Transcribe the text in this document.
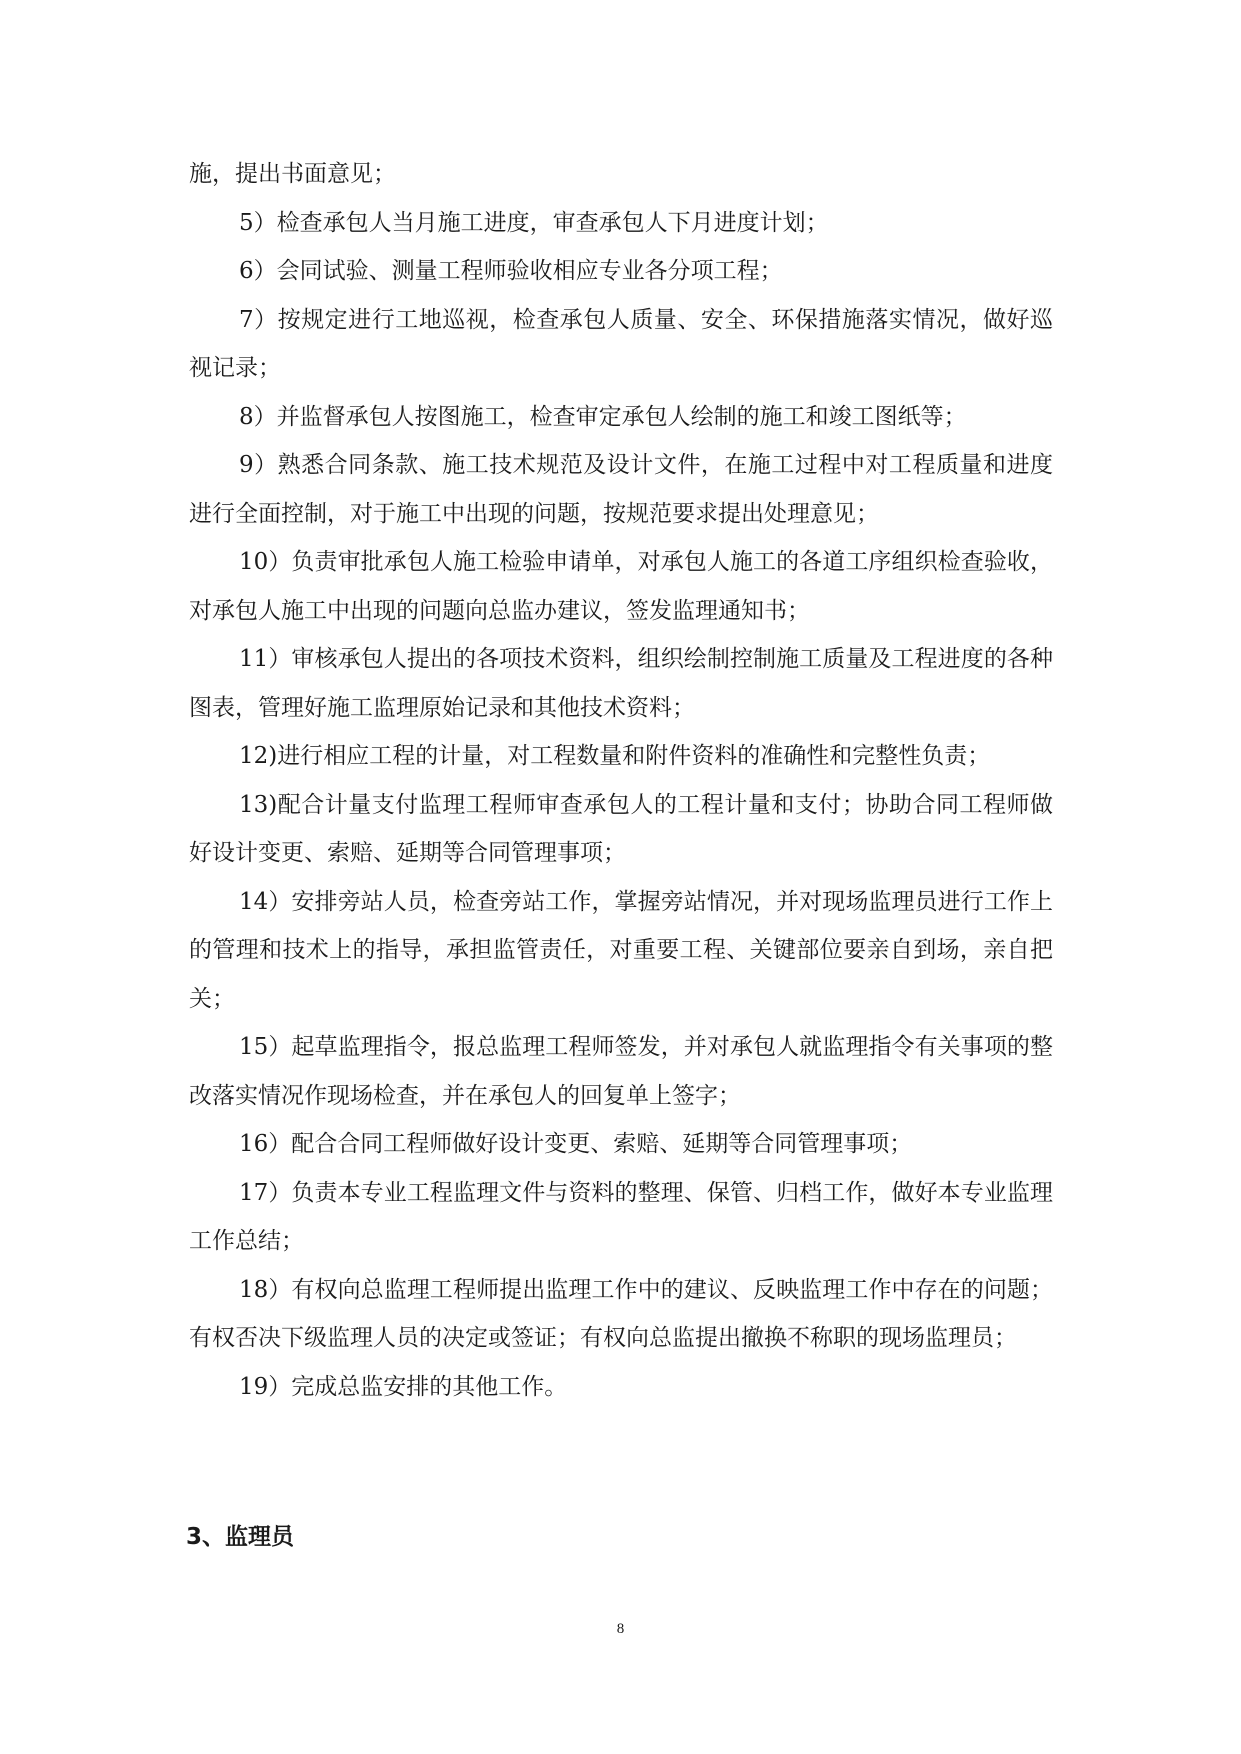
施，提出书面意见；

5）检查承包人当月施工进度，审查承包人下月进度计划；

6）会同试验、测量工程师验收相应专业各分项工程；

7）按规定进行工地巡视，检查承包人质量、安全、环保措施落实情况，做好巡视记录；

8）并监督承包人按图施工，检查审定承包人绘制的施工和竣工图纸等；

9）熟悉合同条款、施工技术规范及设计文件，在施工过程中对工程质量和进度进行全面控制，对于施工中出现的问题，按规范要求提出处理意见；

10）负责审批承包人施工检验申请单，对承包人施工的各道工序组织检查验收，对承包人施工中出现的问题向总监办建议，签发监理通知书；

11）审核承包人提出的各项技术资料，组织绘制控制施工质量及工程进度的各种图表，管理好施工监理原始记录和其他技术资料；

12)进行相应工程的计量，对工程数量和附件资料的准确性和完整性负责；

13)配合计量支付监理工程师审查承包人的工程计量和支付；协助合同工程师做好设计变更、索赔、延期等合同管理事项；

14）安排旁站人员，检查旁站工作，掌握旁站情况，并对现场监理员进行工作上的管理和技术上的指导，承担监管责任，对重要工程、关键部位要亲自到场，亲自把关；

15）起草监理指令，报总监理工程师签发，并对承包人就监理指令有关事项的整改落实情况作现场检查，并在承包人的回复单上签字；

16）配合合同工程师做好设计变更、索赔、延期等合同管理事项；

17）负责本专业工程监理文件与资料的整理、保管、归档工作，做好本专业监理工作总结；

18）有权向总监理工程师提出监理工作中的建议、反映监理工作中存在的问题；有权否决下级监理人员的决定或签证；有权向总监提出撤换不称职的现场监理员；

19）完成总监安排的其他工作。

3、监理员
8
